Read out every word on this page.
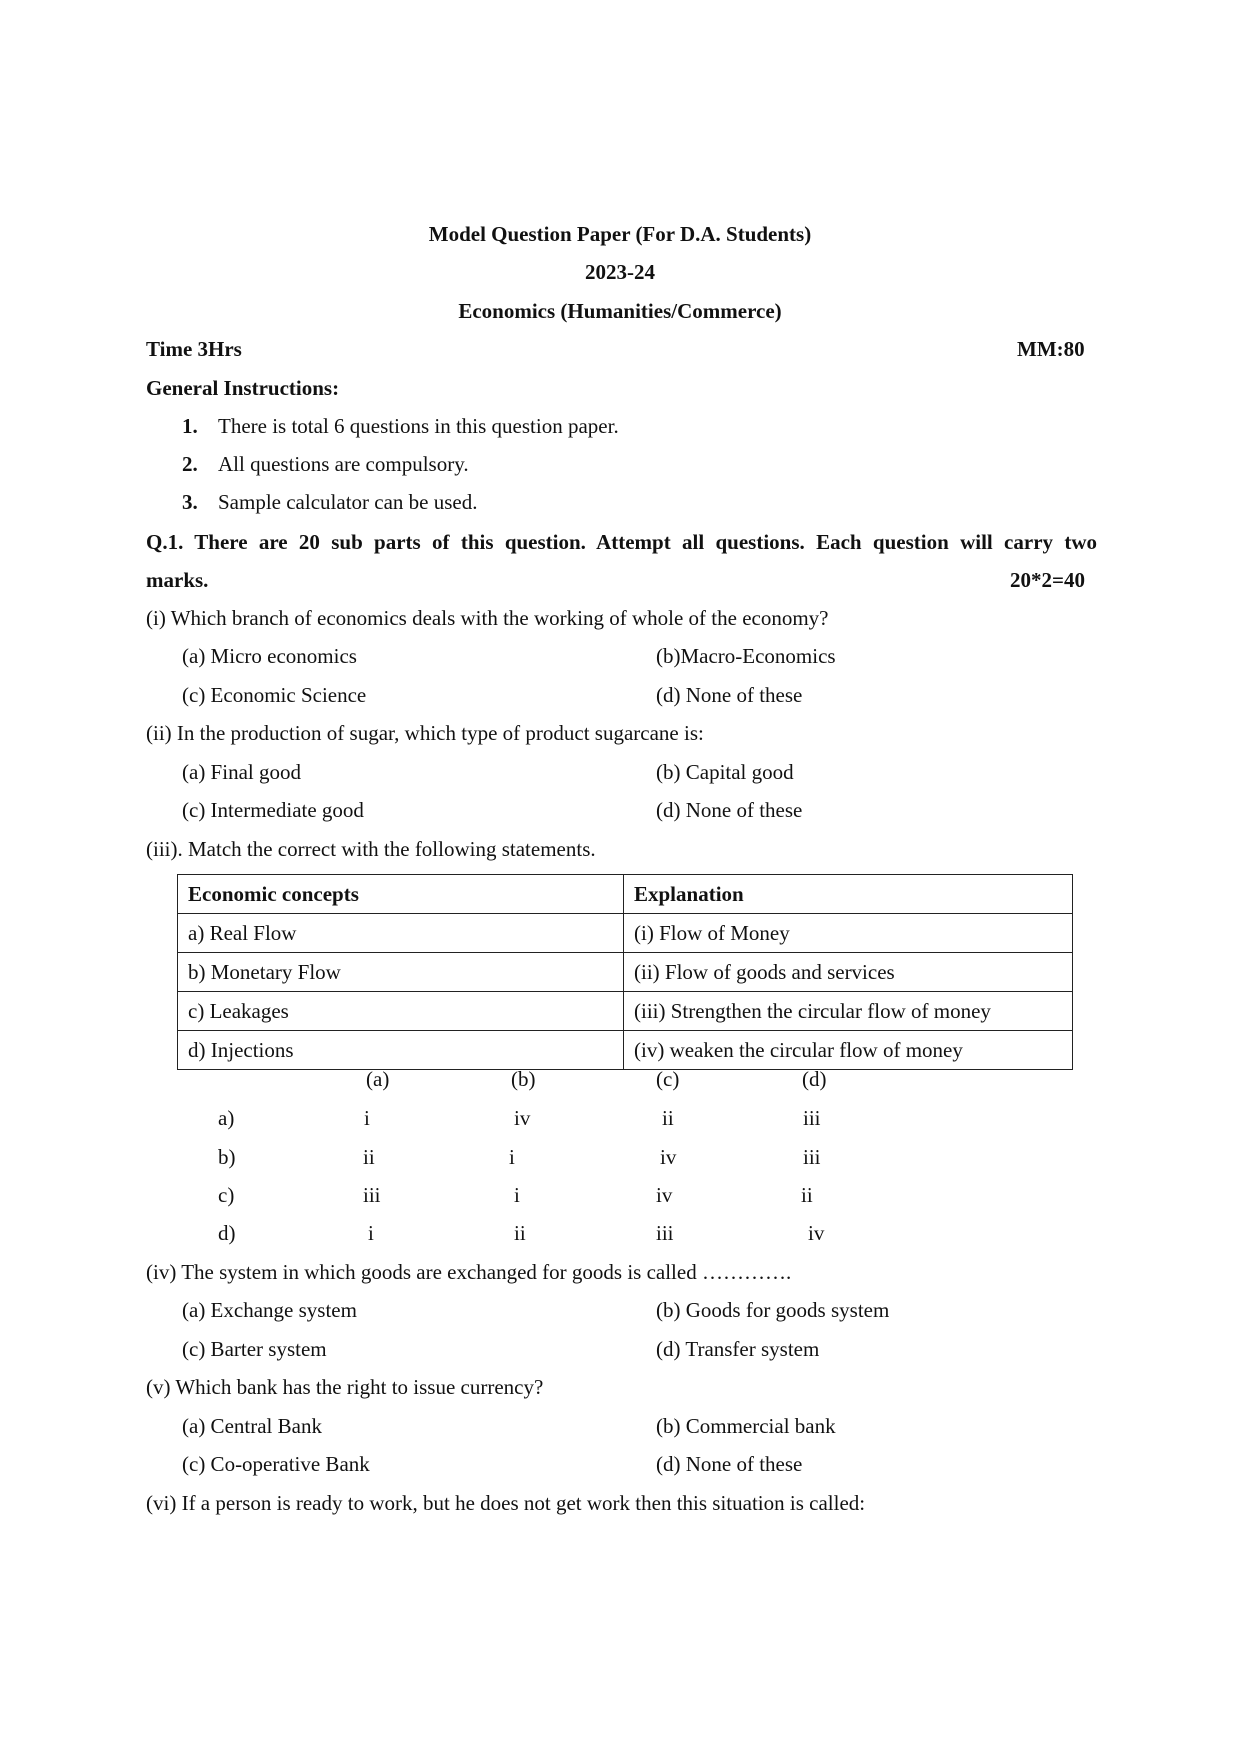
Model Question Paper (For D.A. Students)
2023-24
Economics (Humanities/Commerce)
Time 3Hrs	MM:80
General Instructions:
1. There is total 6 questions in this question paper.
2. All questions are compulsory.
3. Sample calculator can be used.
Q.1. There are 20 sub parts of this question. Attempt all questions. Each question will carry two
marks.	20*2=40
(i) Which branch of economics deals with the working of whole of the economy?
(a) Micro economics	(b)Macro-Economics
(c) Economic Science	(d) None of these
(ii) In the production of sugar, which type of product sugarcane is:
(a) Final good	(b) Capital good
(c) Intermediate good	(d) None of these
(iii). Match the correct with the following statements.
Economic concepts	Explanation
a) Real Flow	(i) Flow of Money
b) Monetary Flow	(ii) Flow of goods and services
c) Leakages	(iii) Strengthen the circular flow of money
d) Injections	(iv) weaken the circular flow of money
(a)	(b)	(c)	(d)
a)	i	iv	ii	iii
b)	ii	i	iv	iii
c)	iii	i	iv	ii
d)	i	ii	iii	iv
(iv) The system in which goods are exchanged for goods is called ………….
(a) Exchange system	(b) Goods for goods system
(c) Barter system	(d) Transfer system
(v) Which bank has the right to issue currency?
(a) Central Bank	(b) Commercial bank
(c) Co-operative Bank	(d) None of these
(vi) If a person is ready to work, but he does not get work then this situation is called:
